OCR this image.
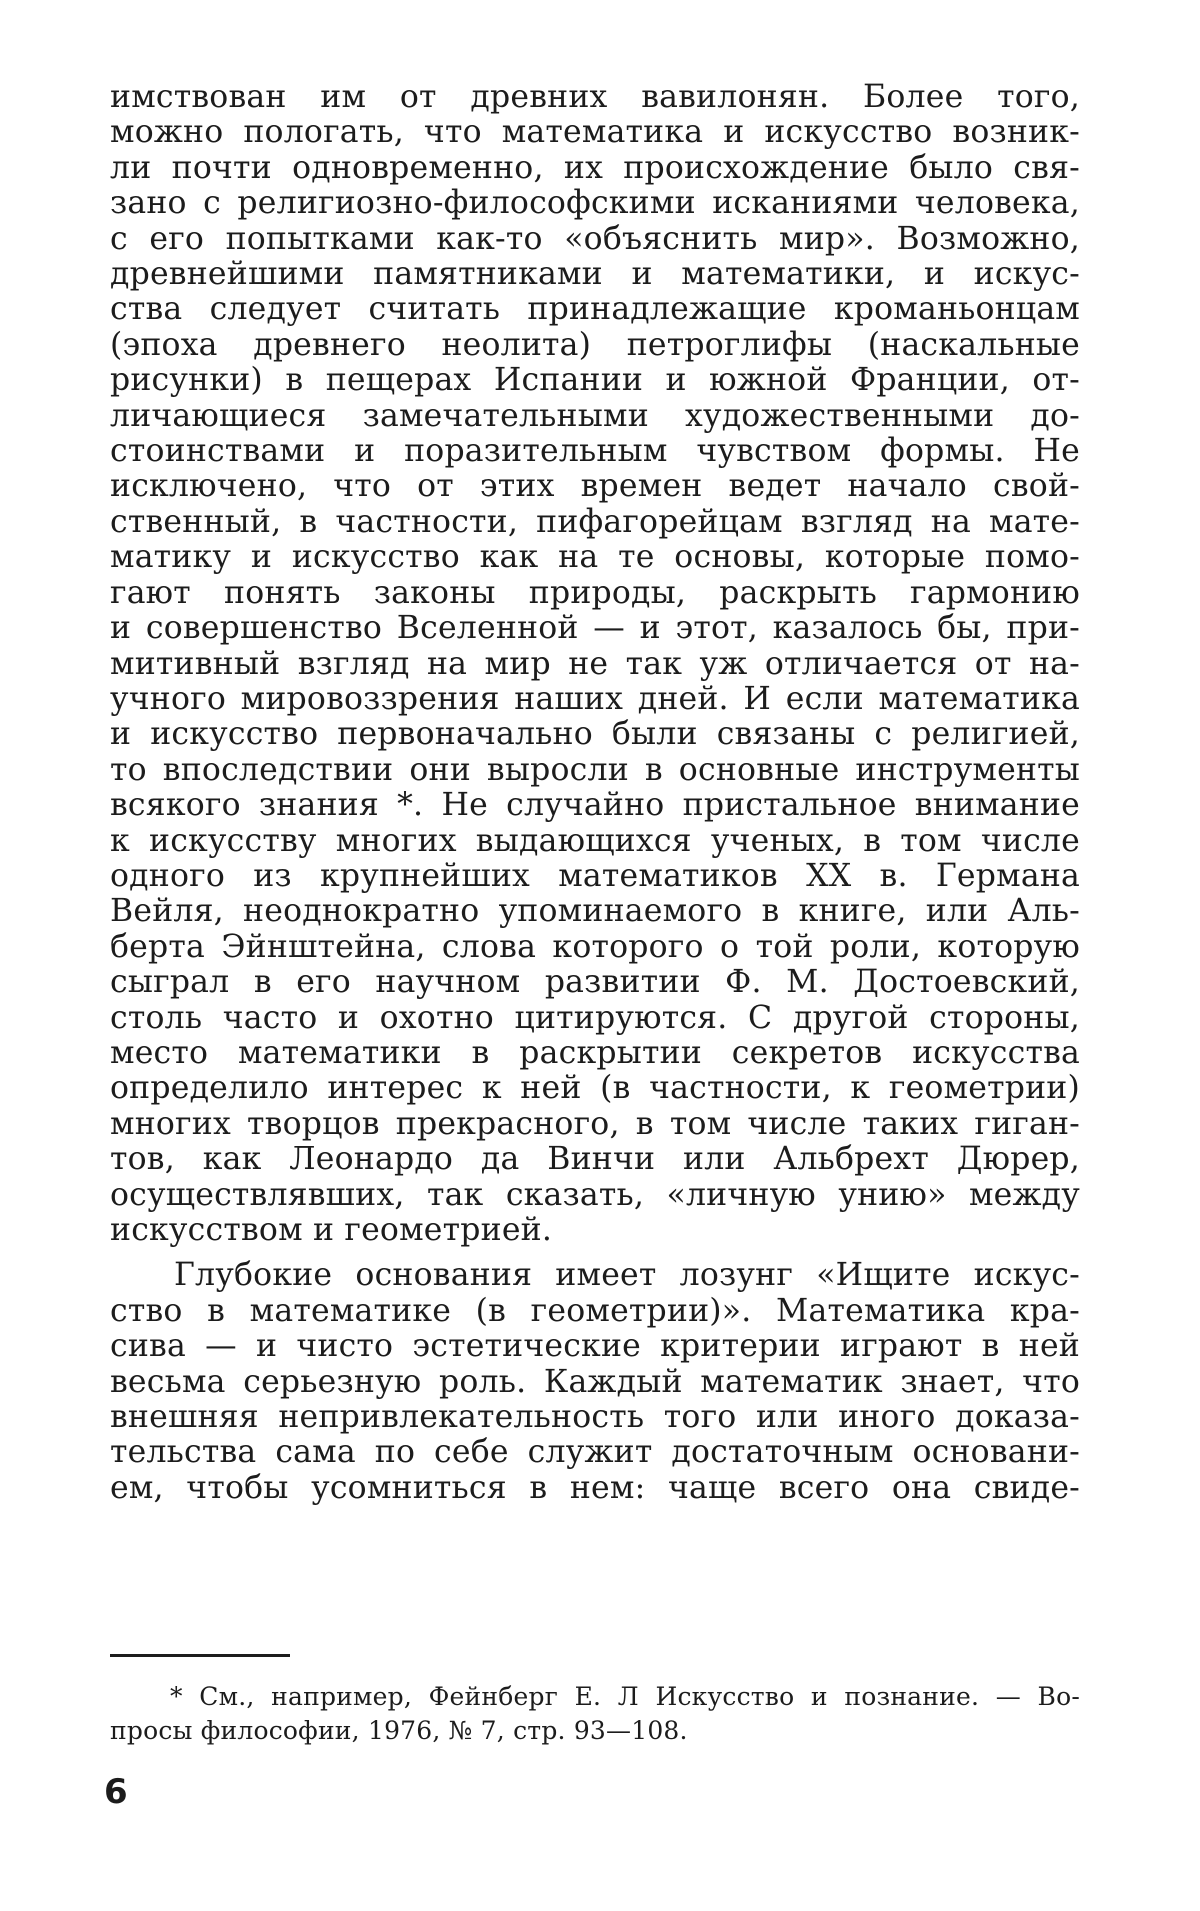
имствован им от древних вавилонян. Более того,
можно пологать, что математика и искусство возник-
ли почти одновременно, их происхождение было свя-
зано с религиозно-философскими исканиями человека,
с его попытками как-то «объяснить мир». Возможно,
древнейшими памятниками и математики, и искус-
ства следует считать принадлежащие кроманьонцам
(эпоха древнего неолита) петроглифы (наскальные
рисунки) в пещерах Испании и южной Франции, от-
личающиеся замечательными художественными до-
стоинствами и поразительным чувством формы. Не
исключено, что от этих времен ведет начало свой-
ственный, в частности, пифагорейцам взгляд на мате-
матику и искусство как на те основы, которые помо-
гают понять законы природы, раскрыть гармонию
и совершенство Вселенной — и этот, казалось бы, при-
митивный взгляд на мир не так уж отличается от на-
учного мировоззрения наших дней. И если математика
и искусство первоначально были связаны с религией,
то впоследствии они выросли в основные инструменты
всякого знания *. Не случайно пристальное внимание
к искусству многих выдающихся ученых, в том числе
одного из крупнейших математиков XX в. Германа
Вейля, неоднократно упоминаемого в книге, или Аль-
берта Эйнштейна, слова которого о той роли, которую
сыграл в его научном развитии Ф. М. Достоевский,
столь часто и охотно цитируются. С другой стороны,
место математики в раскрытии секретов искусства
определило интерес к ней (в частности, к геометрии)
многих творцов прекрасного, в том числе таких гиган-
тов, как Леонардо да Винчи или Альбрехт Дюрер,
осуществлявших, так сказать, «личную унию» между
искусством и геометрией.
Глубокие основания имеет лозунг «Ищите искус-
ство в математике (в геометрии)». Математика кра-
сива — и чисто эстетические критерии играют в ней
весьма серьезную роль. Каждый математик знает, что
внешняя непривлекательность того или иного доказа-
тельства сама по себе служит достаточным основани-
ем, чтобы усомниться в нем: чаще всего она свиде-
* См., например, Фейнберг Е. Л Искусство и познание. — Во-
просы философии, 1976, № 7, стр. 93—108.
6
